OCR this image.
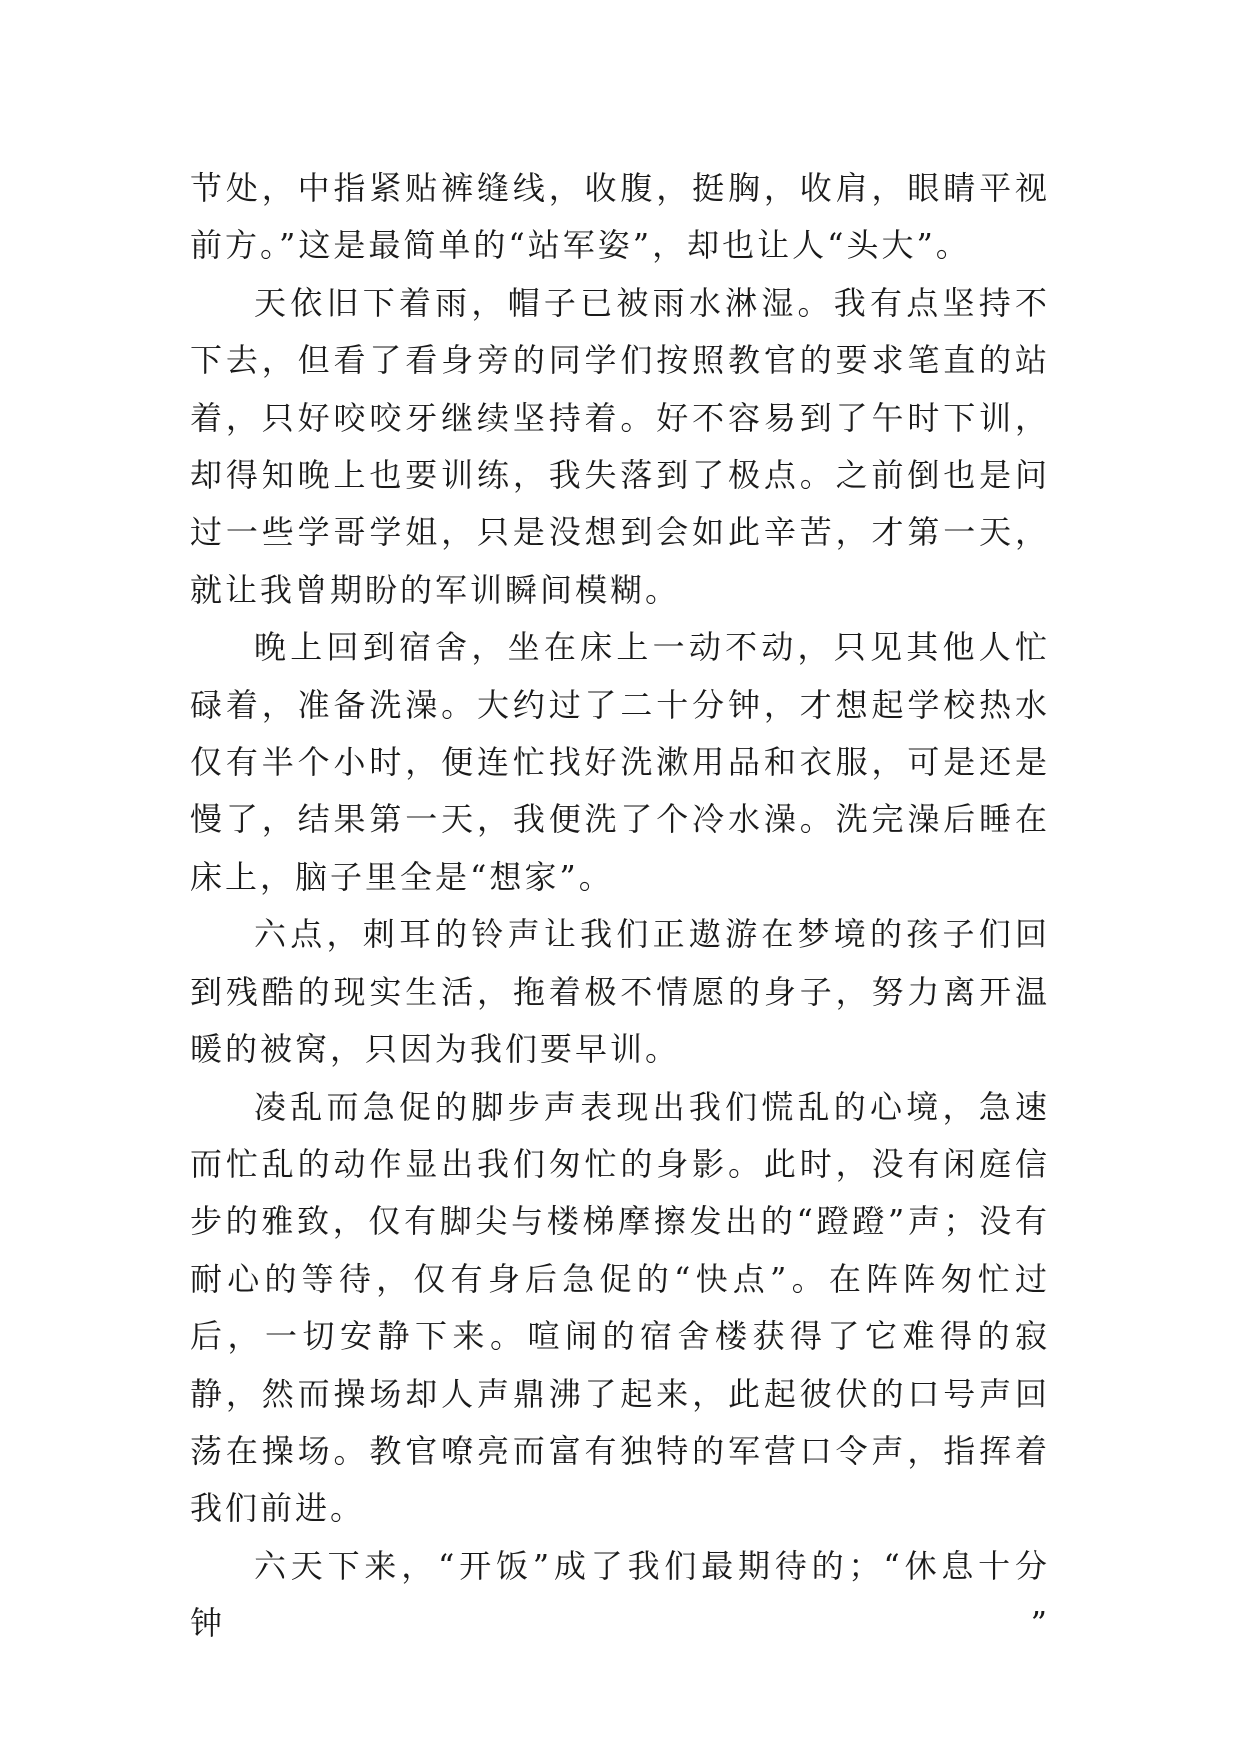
节处，中指紧贴裤缝线，收腹，挺胸，收肩，眼睛平视前方。”这是最简单的“站军姿”，却也让人“头大”。

天依旧下着雨，帽子已被雨水淋湿。我有点坚持不下去，但看了看身旁的同学们按照教官的要求笔直的站着，只好咬咬牙继续坚持着。好不容易到了午时下训，却得知晚上也要训练，我失落到了极点。之前倒也是问过一些学哥学姐，只是没想到会如此辛苦，才第一天，就让我曾期盼的军训瞬间模糊。

晚上回到宿舍，坐在床上一动不动，只见其他人忙碌着，准备洗澡。大约过了二十分钟，才想起学校热水仅有半个小时，便连忙找好洗漱用品和衣服，可是还是慢了，结果第一天，我便洗了个冷水澡。洗完澡后睡在床上，脑子里全是“想家”。

六点，刺耳的铃声让我们正遨游在梦境的孩子们回到残酷的现实生活，拖着极不情愿的身子，努力离开温暖的被窝，只因为我们要早训。

凌乱而急促的脚步声表现出我们慌乱的心境，急速而忙乱的动作显出我们匆忙的身影。此时，没有闲庭信步的雅致，仅有脚尖与楼梯摩擦发出的“蹬蹬”声；没有耐心的等待，仅有身后急促的“快点”。在阵阵匆忙过后，一切安静下来。喧闹的宿舍楼获得了它难得的寂静，然而操场却人声鼎沸了起来，此起彼伏的口号声回荡在操场。教官嘹亮而富有独特的军营口令声，指挥着我们前进。

六天下来，“开饭”成了我们最期待的；“休息十分钟”
